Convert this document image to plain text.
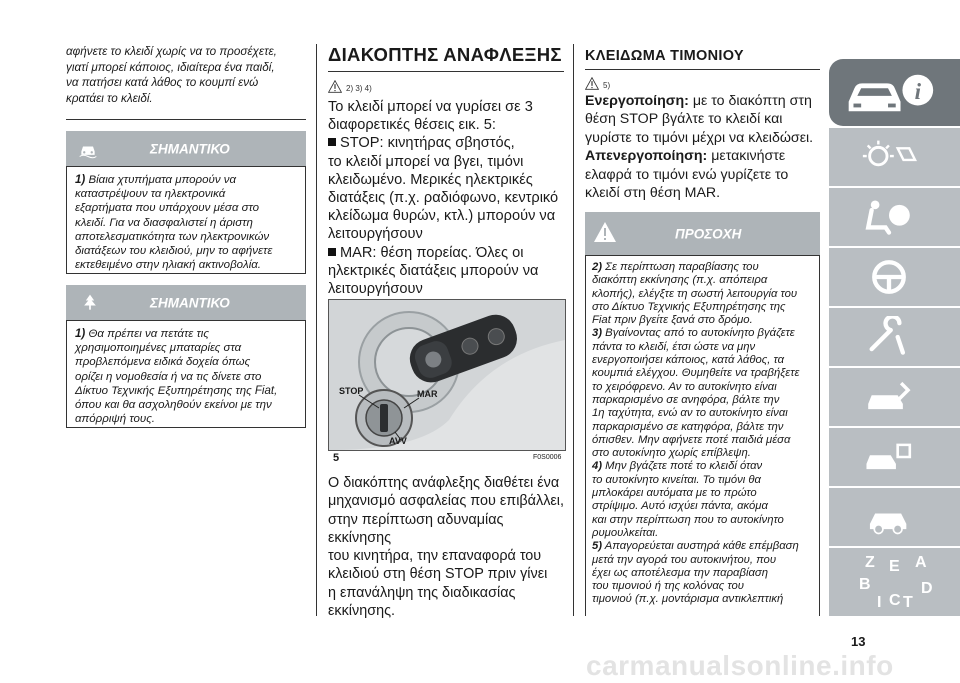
αφήνετε το κλειδί χωρίς να το προσέχετε,
γιατί μπορεί κάποιος, ιδιαίτερα ένα παιδί,
να πατήσει κατά λάθος το κουμπί ενώ
κρατάει το κλειδί.
ΣΗΜΑΝΤΙΚΟ
1) Βίαια χτυπήματα μπορούν να
καταστρέψουν τα ηλεκτρονικά
εξαρτήματα που υπάρχουν μέσα στο
κλειδί. Για να διασφαλιστεί η άριστη
αποτελεσματικότητα των ηλεκτρονικών
διατάξεων του κλειδιού, μην το αφήνετε
εκτεθειμένο στην ηλιακή ακτινοβολία.
ΣΗΜΑΝΤΙΚΟ
1) Θα πρέπει να πετάτε τις
χρησιμοποιημένες μπαταρίες στα
προβλεπόμενα ειδικά δοχεία όπως
ορίζει η νομοθεσία ή να τις δίνετε στο
Δίκτυο Τεχνικής Εξυπηρέτησης της Fiat,
όπου και θα ασχοληθούν εκείνοι με την
απόρριψή τους.
ΔΙΑΚΟΠΤΗΣ ΑΝΑΦΛΕΞΗΣ
2) 3) 4)
Το κλειδί μπορεί να γυρίσει σε 3
διαφορετικές θέσεις εικ. 5:
STOP: κινητήρας σβηστός,
το κλειδί μπορεί να βγει, τιμόνι
κλειδωμένο. Μερικές ηλεκτρικές
διατάξεις (π.χ. ραδιόφωνο, κεντρικό
κλείδωμα θυρών, κτλ.) μπορούν να
λειτουργήσουν
MAR: θέση πορείας. Όλες οι
ηλεκτρικές διατάξεις μπορούν να
λειτουργήσουν
STOP	MAR
AVV
5	F0S0006
Ο διακόπτης ανάφλεξης διαθέτει ένα
μηχανισμό ασφαλείας που επιβάλλει,
στην περίπτωση αδυναμίας εκκίνησης
του κινητήρα, την επαναφορά του
κλειδιού στη θέση STOP πριν γίνει
η επανάληψη της διαδικασίας
εκκίνησης.
ΚΛΕΙΔΩΜΑ ΤΙΜΟΝΙΟΥ
5)
Ενεργοποίηση: με το διακόπτη στη
θέση STOP βγάλτε το κλειδί και
γυρίστε το τιμόνι μέχρι να κλειδώσει.
Απενεργοποίηση: μετακινήστε
ελαφρά το τιμόνι ενώ γυρίζετε το
κλειδί στη θέση MAR.
ΠΡΟΣΟΧΗ
2) Σε περίπτωση παραβίασης του
διακόπτη εκκίνησης (π.χ. απόπειρα
κλοπής), ελέγξτε τη σωστή λειτουργία του
στο Δίκτυο Τεχνικής Εξυπηρέτησης της
Fiat πριν βγείτε ξανά στο δρόμο.
3) Βγαίνοντας από το αυτοκίνητο βγάζετε
πάντα το κλειδί, έτσι ώστε να μην
ενεργοποιήσει κάποιος, κατά λάθος, τα
κουμπιά ελέγχου. Θυμηθείτε να τραβήξετε
το χειρόφρενο. Αν το αυτοκίνητο είναι
παρκαρισμένο σε ανηφόρα, βάλτε την
1η ταχύτητα, ενώ αν το αυτοκίνητο είναι
παρκαρισμένο σε κατηφόρα, βάλτε την
όπισθεν. Μην αφήνετε ποτέ παιδιά μέσα
στο αυτοκίνητο χωρίς επίβλεψη.
4) Μην βγάζετε ποτέ το κλειδί όταν
το αυτοκίνητο κινείται. Το τιμόνι θα
μπλοκάρει αυτόματα με το πρώτο
στρίψιμο. Αυτό ισχύει πάντα, ακόμα
και στην περίπτωση που το αυτοκίνητο
ρυμουλκείται.
5) Απαγορεύεται αυστηρά κάθε επέμβαση
μετά την αγορά του αυτοκινήτου, που
έχει ως αποτέλεσμα την παραβίαση
του τιμονιού ή της κολόνας του
τιμονιού (π.χ. μοντάρισμα αντικλεπτική
i
Z E A
B	D
I C T
13
carmanualsonline.info
